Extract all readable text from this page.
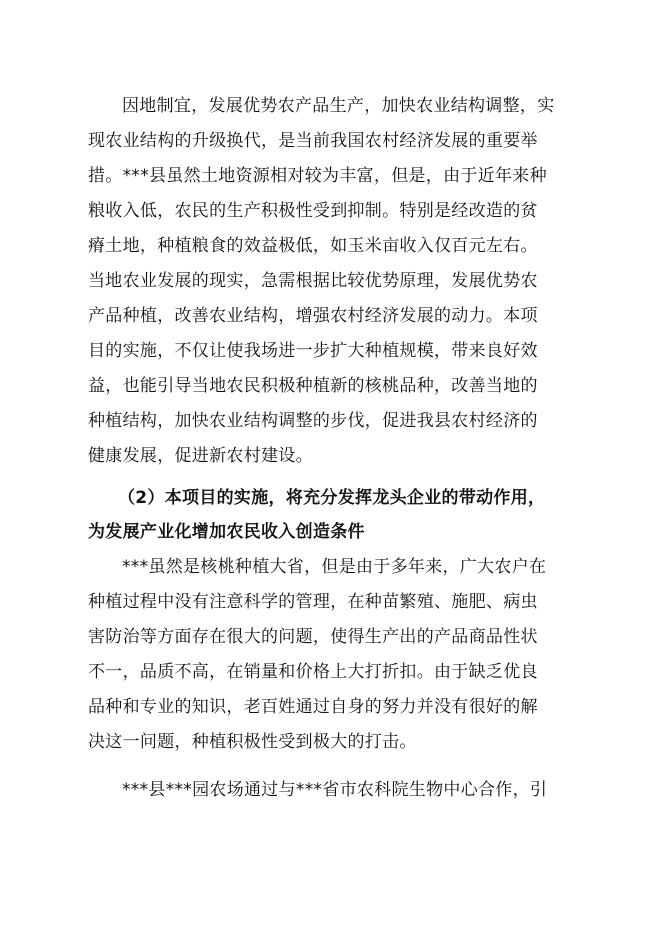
因地制宜，发展优势农产品生产，加快农业结构调整，实
现农业结构的升级换代，是当前我国农村经济发展的重要举
措。***县虽然土地资源相对较为丰富，但是，由于近年来种
粮收入低，农民的生产积极性受到抑制。特别是经改造的贫
瘠土地，种植粮食的效益极低，如玉米亩收入仅百元左右。
当地农业发展的现实，急需根据比较优势原理，发展优势农
产品种植，改善农业结构，增强农村经济发展的动力。本项
目的实施，不仅让使我场进一步扩大种植规模，带来良好效
益，也能引导当地农民积极种植新的核桃品种，改善当地的
种植结构，加快农业结构调整的步伐，促进我县农村经济的
健康发展，促进新农村建设。
（2）本项目的实施，将充分发挥龙头企业的带动作用，
为发展产业化增加农民收入创造条件
***虽然是核桃种植大省，但是由于多年来，广大农户在
种植过程中没有注意科学的管理，在种苗繁殖、施肥、病虫
害防治等方面存在很大的问题，使得生产出的产品商品性状
不一，品质不高，在销量和价格上大打折扣。由于缺乏优良
品种和专业的知识，老百姓通过自身的努力并没有很好的解
决这一问题，种植积极性受到极大的打击。
***县***园农场通过与***省市农科院生物中心合作，引
